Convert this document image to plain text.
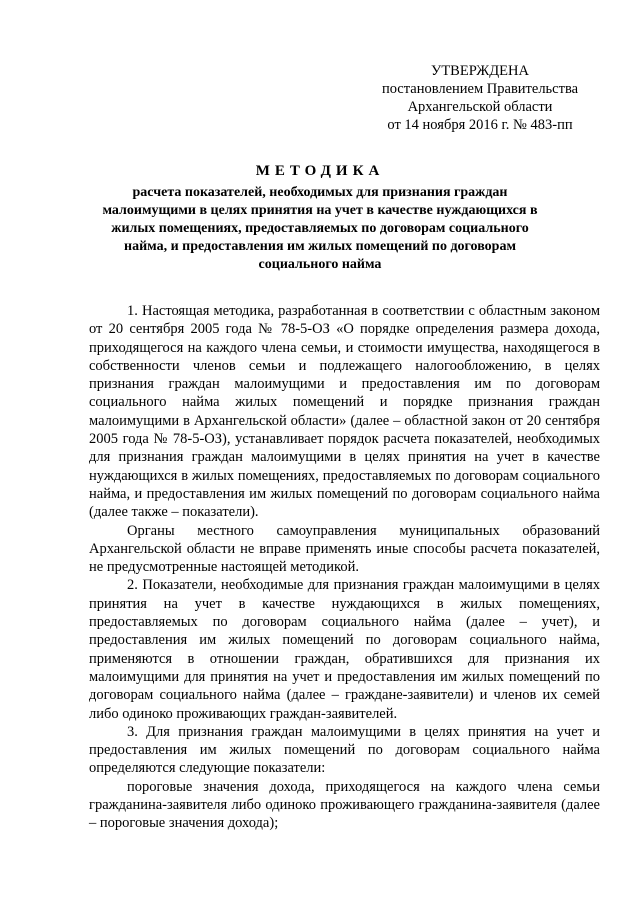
УТВЕРЖДЕНА
постановлением Правительства
Архангельской области
от 14 ноября 2016 г. № 483-пп
МЕТОДИКА
расчета показателей, необходимых для признания граждан малоимущими в целях принятия на учет в качестве нуждающихся в жилых помещениях, предоставляемых по договорам социального найма, и предоставления им жилых помещений по договорам социального найма

1. Настоящая методика, разработанная в соответствии с областным законом от 20 сентября 2005 года № 78-5-ОЗ «О порядке определения размера дохода, приходящегося на каждого члена семьи, и стоимости имущества, находящегося в собственности членов семьи и подлежащего налогообложению, в целях признания граждан малоимущими и предоставления им по договорам социального найма жилых помещений и порядке признания граждан малоимущими в Архангельской области» (далее – областной закон от 20 сентября 2005 года № 78-5-ОЗ), устанавливает порядок расчета показателей, необходимых для признания граждан малоимущими в целях принятия на учет в качестве нуждающихся в жилых помещениях, предоставляемых по договорам социального найма, и предоставления им жилых помещений по договорам социального найма (далее также – показатели).

Органы местного самоуправления муниципальных образований Архангельской области не вправе применять иные способы расчета показателей, не предусмотренные настоящей методикой.

2. Показатели, необходимые для признания граждан малоимущими в целях принятия на учет в качестве нуждающихся в жилых помещениях, предоставляемых по договорам социального найма (далее – учет), и предоставления им жилых помещений по договорам социального найма, применяются в отношении граждан, обратившихся для признания их малоимущими для принятия на учет и предоставления им жилых помещений по договорам социального найма (далее – граждане-заявители) и членов их семей либо одиноко проживающих граждан-заявителей.

3. Для признания граждан малоимущими в целях принятия на учет и предоставления им жилых помещений по договорам социального найма определяются следующие показатели:

пороговые значения дохода, приходящегося на каждого члена семьи гражданина-заявителя либо одиноко проживающего гражданина-заявителя (далее – пороговые значения дохода);
